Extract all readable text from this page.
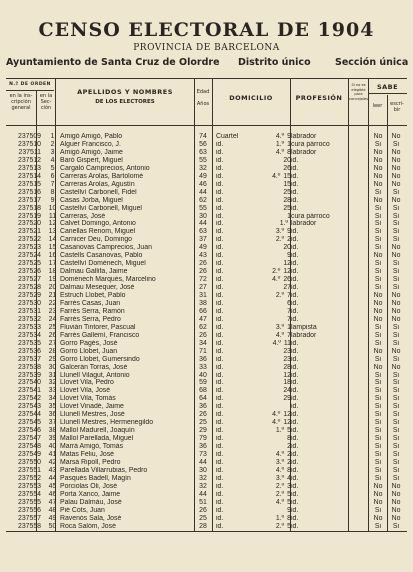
CENSO ELECTORAL DE 1904
PROVINCIA DE BARCELONA
Ayuntamiento de Santa Cruz de Olordre Distrito único	Sección única
N.º DE ORDEN
en la ins-cripción general
en la Sec-ción
APELLIDOS Y NOMBRES
DE LOS ELECTORES
Edad
Años
DOMICILIO	PROFESIÓN
Si no es elegible para concejales
SABE
leer	escri-bir
237509	1 Amigó Amigó, Pablo	74	Cuartel	4.º 9 labrador	No	No
237510	2 Alguer Francisco, J.	56	id.	1.º 1 cura párroco	Si	Si
237511	3 Amigó Amigó, Jaime	63	id.	4.º 8 labrador	No	No
237512	4 Baró Gispert, Miguel	55	id.	20 id.	No	No
237513	5 Cargaló Camprecios, Antonio	32	id.	26 id.	No	No
237514	6 Carreras Arolas, Bartolomé	49	id.	4.º 15 id.	No	No
237515	7 Carreras Arolas, Agustín	46	id.	15 id.	No	No
237516	8 Castellví Carbonell, Fidel	44	id.	25 id.	Si	Si
237517	9 Casas Jorba, Miguel	62	id.	28 id.	No	No
237518	10 Castellví Carbonell, Miguel	55	id.	25 id.	Si	Si
237519	11 Carreras, José	30	id.	1 cura párroco	Si	Si
237520	12 Calvet Domingo, Antonio	44	id.	1.º labrador	Si	Si
237521	13 Canellas Renom, Miguel	63	id.	3.º 9 id.	Si	Si
237522	14 Carnicer Deu, Domingo	37	id.	2.º 2 id.	Si	Si
237523	15 Casanovas Camprecios, Juan	49	id.	20 id.	Si	No
237524	16 Castells Casanovas, Pablo	43	id.	9 id.	No	No
237525	17 Castellví Doménech, Miguel	26	id.	12 id.	Si	Si
237526	18 Dalmau Gallifa, Jaime	26	id.	2.º 12 id.	Si	Si
237527	19 Doménech Marqués, Marcelino	72	id.	4.º 26 id.	Si	Si
237528	20 Dalmau Mesequer, José	27	id.	27 id.	Si	Si
237529	21 Estruch Llobet, Pablo	31	id.	2.º 7 id.	No	No
237530	22 Farrés Casas, Juan	38	id.	6 id.	No	No
237531	23 Farrés Serra, Ramón	66	id.	7 id.	No	No
237532	24 Farrés Serra, Pedro	47	id.	7 id.	No	No
237533	25 Fluvián Tintorer, Pascual	62	id.	3.º 1 lampista	Si	Si
237534	26 Farrés Gallemí, Francisco	26	id.	4.º 7 labrador	Si	Si
237535	27 Gorro Pagés, José	34	id.	4.º 11 id.	Si	Si
237536	28 Gorro Llobet, Juan	71	id.	23 id.	No	No
237537	29 Gorro Llobet, Gumersindo	36	id.	23 id.	Si	Si
237538	30 Galcerán Torras, José	33	id.	28 id.	No	No
237539	31 Llunell Vilagut, Antonio	40	id.	12 id.	Si	Si
237540	32 Llovet Vila, Pedro	59	id.	18 id.	Si	Si
237541	33 Llovet Vila, José	68	id.	24 id.	Si	Si
237542	34 Llovet Vila, Tomás	64	id.	29 id.	Si	Si
237543	35 Llovet Vinadé, Jaime	36	id.	id.	Si	Si
237544	36 Llunell Mestres, José	26	id.	4.º 12 id.	Si	Si
237545	37 Llunell Mestres, Hermenegildo	25	id.	4.º 12 id.	Si	Si
237546	38 Mallol Madurell, Joaquín	29	id.	1.º 5 id.	Si	Si
237547	39 Mallol Parellada, Miguel	79	id.	8 id.	Si	Si
237548	40 Marrá Amigó, Tomás	36	id.	2 id.	Si	Si
237549	41 Matas Feliu, José	73	id.	4.º 2 id.	Si	Si
237550	42 Marsá Ripoll, Pedro	44	id.	3.º 2 id.	Si	Si
237551	43 Parellada Villarrubias, Pedro	30	id.	4.º 8 id.	Si	Si
237552	44 Pasqués Badell, Magín	32	id.	3.º 4 id.	Si	Si
237553	45 Porciolas Oli, José	32	id.	2.º 3 id.	No	No
237554	46 Porta Xanco, Jaime	44	id.	2.º 5 id.	No	No
237555	47 Palau Dalmáu, José	51	id.	4.º 5 id.	No	No
237556	48 Pié Cots, Juan	26	id.	9 id.	Si	No
237557	49 Ravenós Sala, José	25	id.	1.º 8 id.	No	No
237558	50 Roca Salóm, José	28	id.	2.º 5 id.	Si	Si
